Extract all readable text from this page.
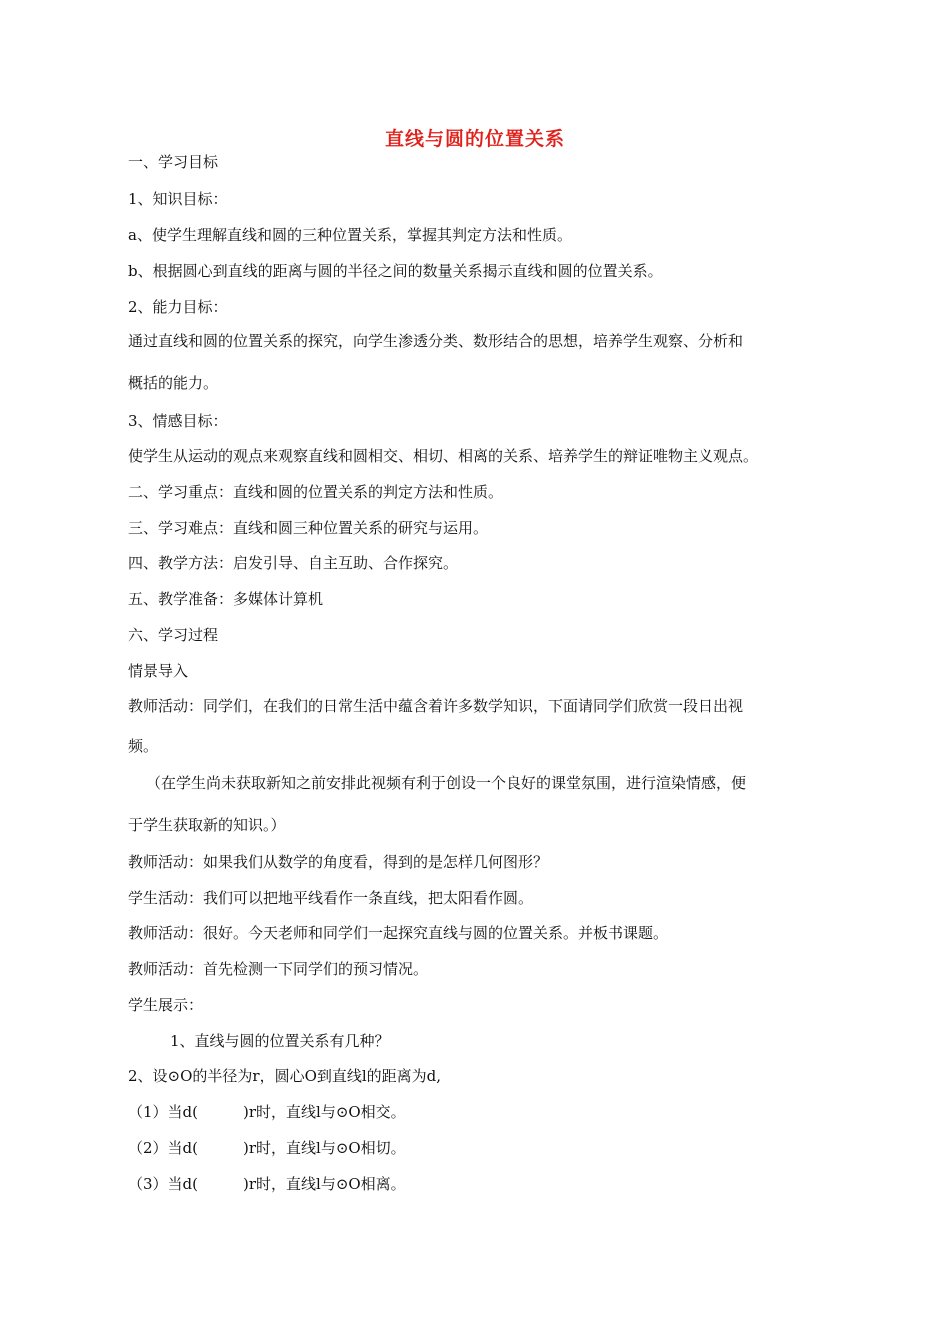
直线与圆的位置关系
一、学习目标
1、知识目标：
a、使学生理解直线和圆的三种位置关系，掌握其判定方法和性质。
b、根据圆心到直线的距离与圆的半径之间的数量关系揭示直线和圆的位置关系。
2、能力目标：
通过直线和圆的位置关系的探究，向学生渗透分类、数形结合的思想，培养学生观察、分析和
概括的能力。
3、情感目标：
使学生从运动的观点来观察直线和圆相交、相切、相离的关系、培养学生的辩证唯物主义观点。
二、学习重点：直线和圆的位置关系的判定方法和性质。
三、学习难点：直线和圆三种位置关系的研究与运用。
四、教学方法：启发引导、自主互助、合作探究。
五、教学准备：多媒体计算机
六、学习过程
情景导入
教师活动：同学们，在我们的日常生活中蕴含着许多数学知识，下面请同学们欣赏一段日出视
频。
（在学生尚未获取新知之前安排此视频有利于创设一个良好的课堂氛围，进行渲染情感，便
于学生获取新的知识。）
教师活动：如果我们从数学的角度看，得到的是怎样几何图形？
学生活动：我们可以把地平线看作一条直线，把太阳看作圆。
教师活动：很好。今天老师和同学们一起探究直线与圆的位置关系。并板书课题。
教师活动：首先检测一下同学们的预习情况。
学生展示：
1、直线与圆的位置关系有几种？
2、设⊙O的半径为r，圆心O到直线l的距离为d,
（1）当d(　　　)r时，直线l与⊙O相交。
（2）当d(　　　)r时，直线l与⊙O相切。
（3）当d(　　　)r时，直线l与⊙O相离。
